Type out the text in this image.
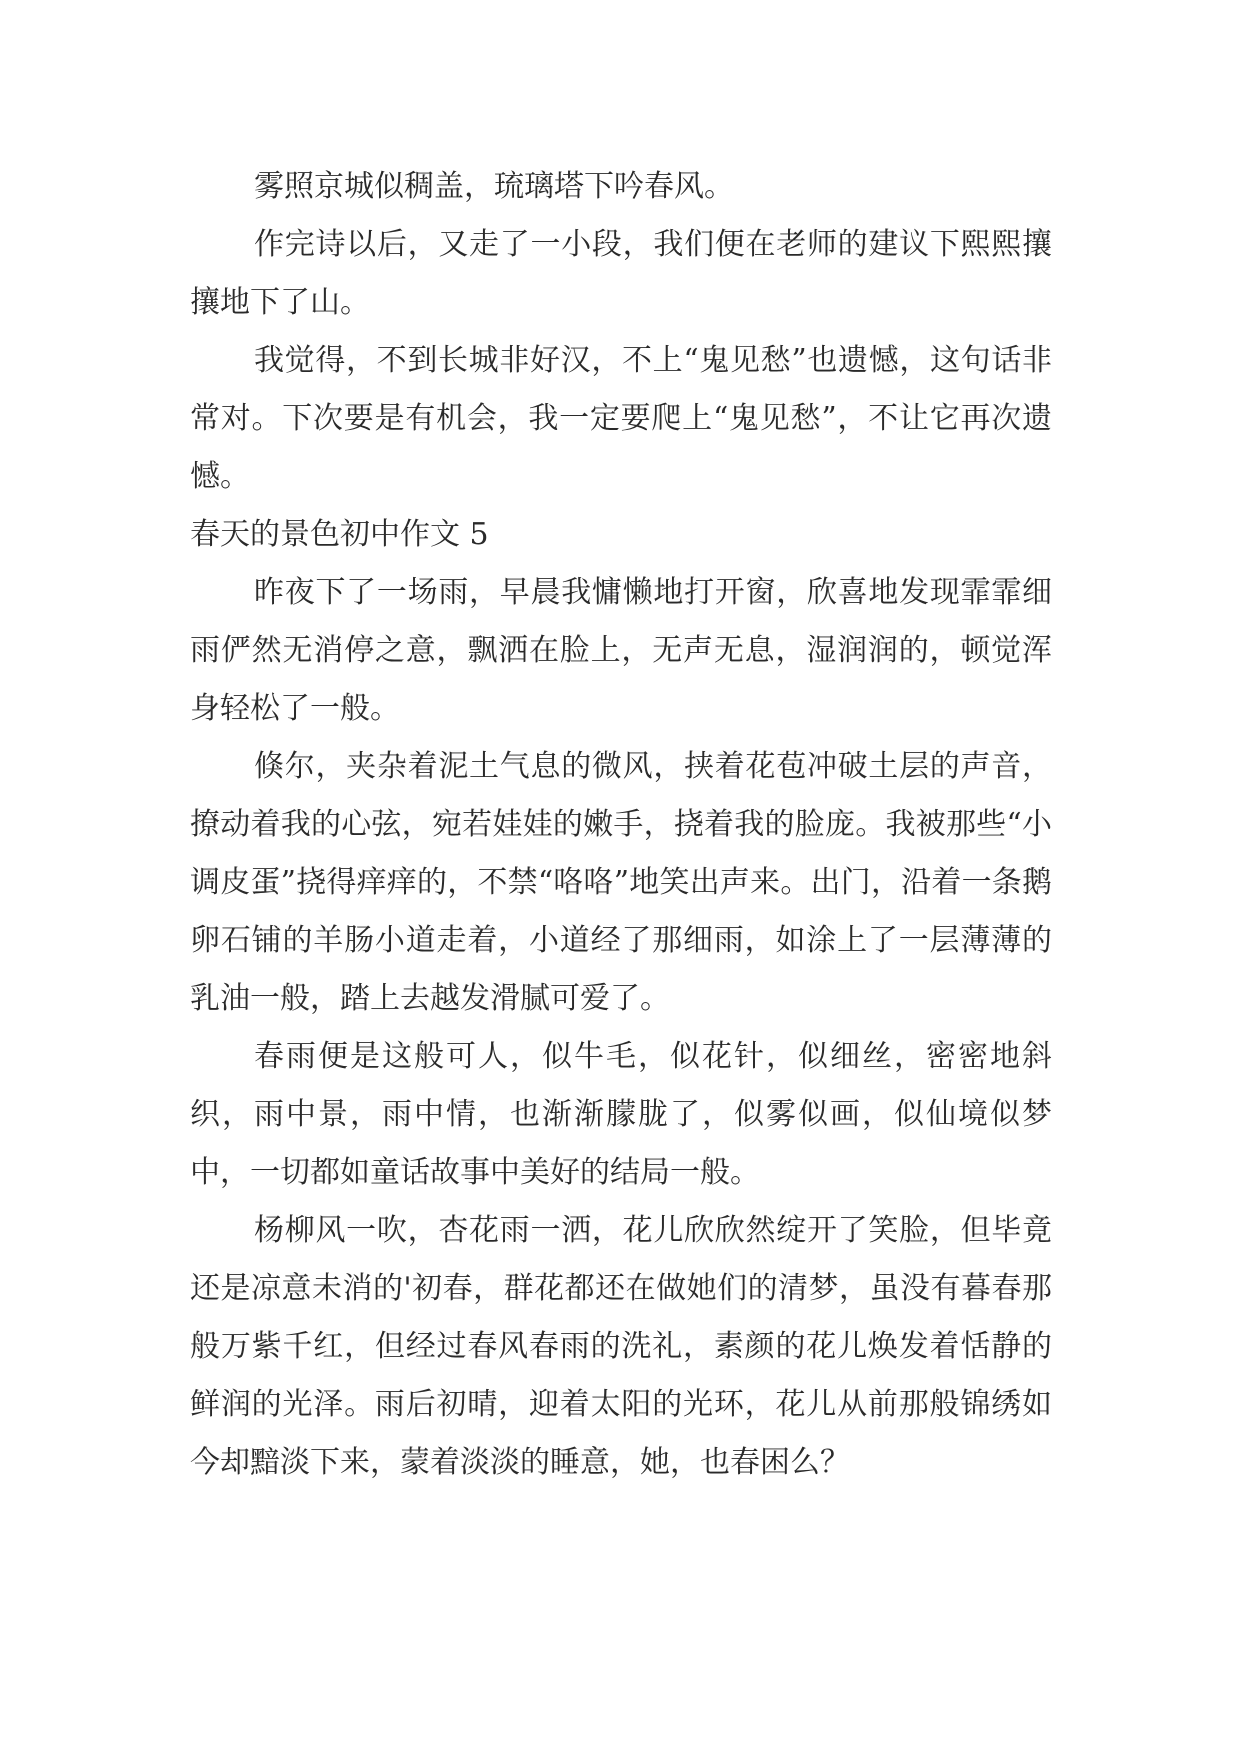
雾照京城似稠盖，琉璃塔下吟春风。

作完诗以后，又走了一小段，我们便在老师的建议下熙熙攘攘地下了山。

我觉得，不到长城非好汉，不上“鬼见愁”也遗憾，这句话非常对。下次要是有机会，我一定要爬上“鬼见愁”，不让它再次遗憾。

春天的景色初中作文 5

昨夜下了一场雨，早晨我慵懒地打开窗，欣喜地发现霏霏细雨俨然无消停之意，飘洒在脸上，无声无息，湿润润的，顿觉浑身轻松了一般。

倏尔，夹杂着泥土气息的微风，挟着花苞冲破土层的声音，撩动着我的心弦，宛若娃娃的嫩手，挠着我的脸庞。我被那些“小调皮蛋”挠得痒痒的，不禁“咯咯”地笑出声来。出门，沿着一条鹅卵石铺的羊肠小道走着，小道经了那细雨，如涂上了一层薄薄的乳油一般，踏上去越发滑腻可爱了。

春雨便是这般可人，似牛毛，似花针，似细丝，密密地斜织，雨中景，雨中情，也渐渐朦胧了，似雾似画，似仙境似梦中，一切都如童话故事中美好的结局一般。

杨柳风一吹，杏花雨一洒，花儿欣欣然绽开了笑脸，但毕竟还是凉意未消的'初春，群花都还在做她们的清梦，虽没有暮春那般万紫千红，但经过春风春雨的洗礼，素颜的花儿焕发着恬静的鲜润的光泽。雨后初晴，迎着太阳的光环，花儿从前那般锦绣如今却黯淡下来，蒙着淡淡的睡意，她，也春困么？
